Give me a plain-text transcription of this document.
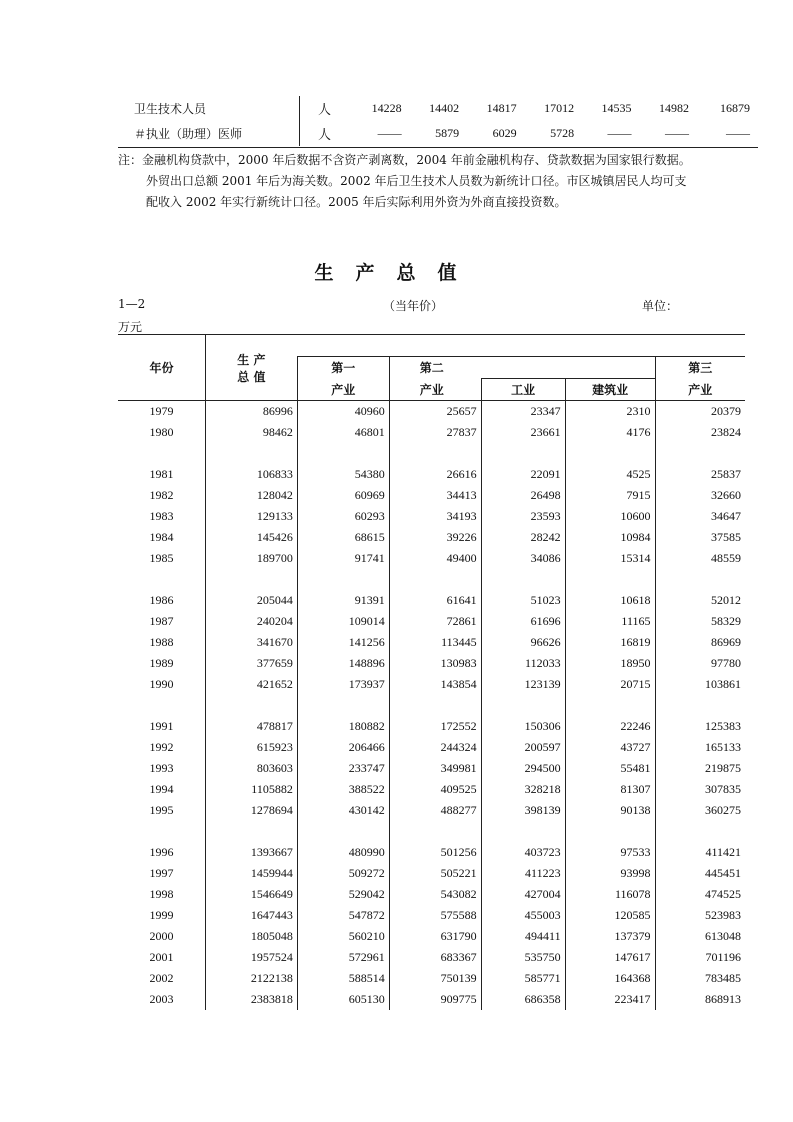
卫生技术人员	人	14228	14402	14817	17012	14535	14982	16879
＃执业（助理）医师	人	——	5879	6029	5728	——	——	——

注：金融机构贷款中，2000 年后数据不含资产剥离数，2004 年前金融机构存、贷款数据为国家银行数据。

外贸出口总额 2001 年后为海关数。2002 年后卫生技术人员数为新统计口径。市区城镇居民人均可支

配收入 2002 年实行新统计口径。2005 年后实际利用外资为外商直接投资数。

生产总值
1—2	（当年价）	单位：
万元
年份	生 产
总 值					

		第一	第二			第三
		产业	产业	工业	建筑业	产业
1979	86996	40960	25657	23347	2310	20379
1980	98462	46801	27837	23661	4176	23824

1981	106833	54380	26616	22091	4525	25837
1982	128042	60969	34413	26498	7915	32660
1983	129133	60293	34193	23593	10600	34647
1984	145426	68615	39226	28242	10984	37585
1985	189700	91741	49400	34086	15314	48559

1986	205044	91391	61641	51023	10618	52012
1987	240204	109014	72861	61696	11165	58329
1988	341670	141256	113445	96626	16819	86969
1989	377659	148896	130983	112033	18950	97780
1990	421652	173937	143854	123139	20715	103861

1991	478817	180882	172552	150306	22246	125383
1992	615923	206466	244324	200597	43727	165133
1993	803603	233747	349981	294500	55481	219875
1994	1105882	388522	409525	328218	81307	307835
1995	1278694	430142	488277	398139	90138	360275

1996	1393667	480990	501256	403723	97533	411421
1997	1459944	509272	505221	411223	93998	445451
1998	1546649	529042	543082	427004	116078	474525
1999	1647443	547872	575588	455003	120585	523983
2000	1805048	560210	631790	494411	137379	613048
2001	1957524	572961	683367	535750	147617	701196
2002	2122138	588514	750139	585771	164368	783485
2003	2383818	605130	909775	686358	223417	868913
